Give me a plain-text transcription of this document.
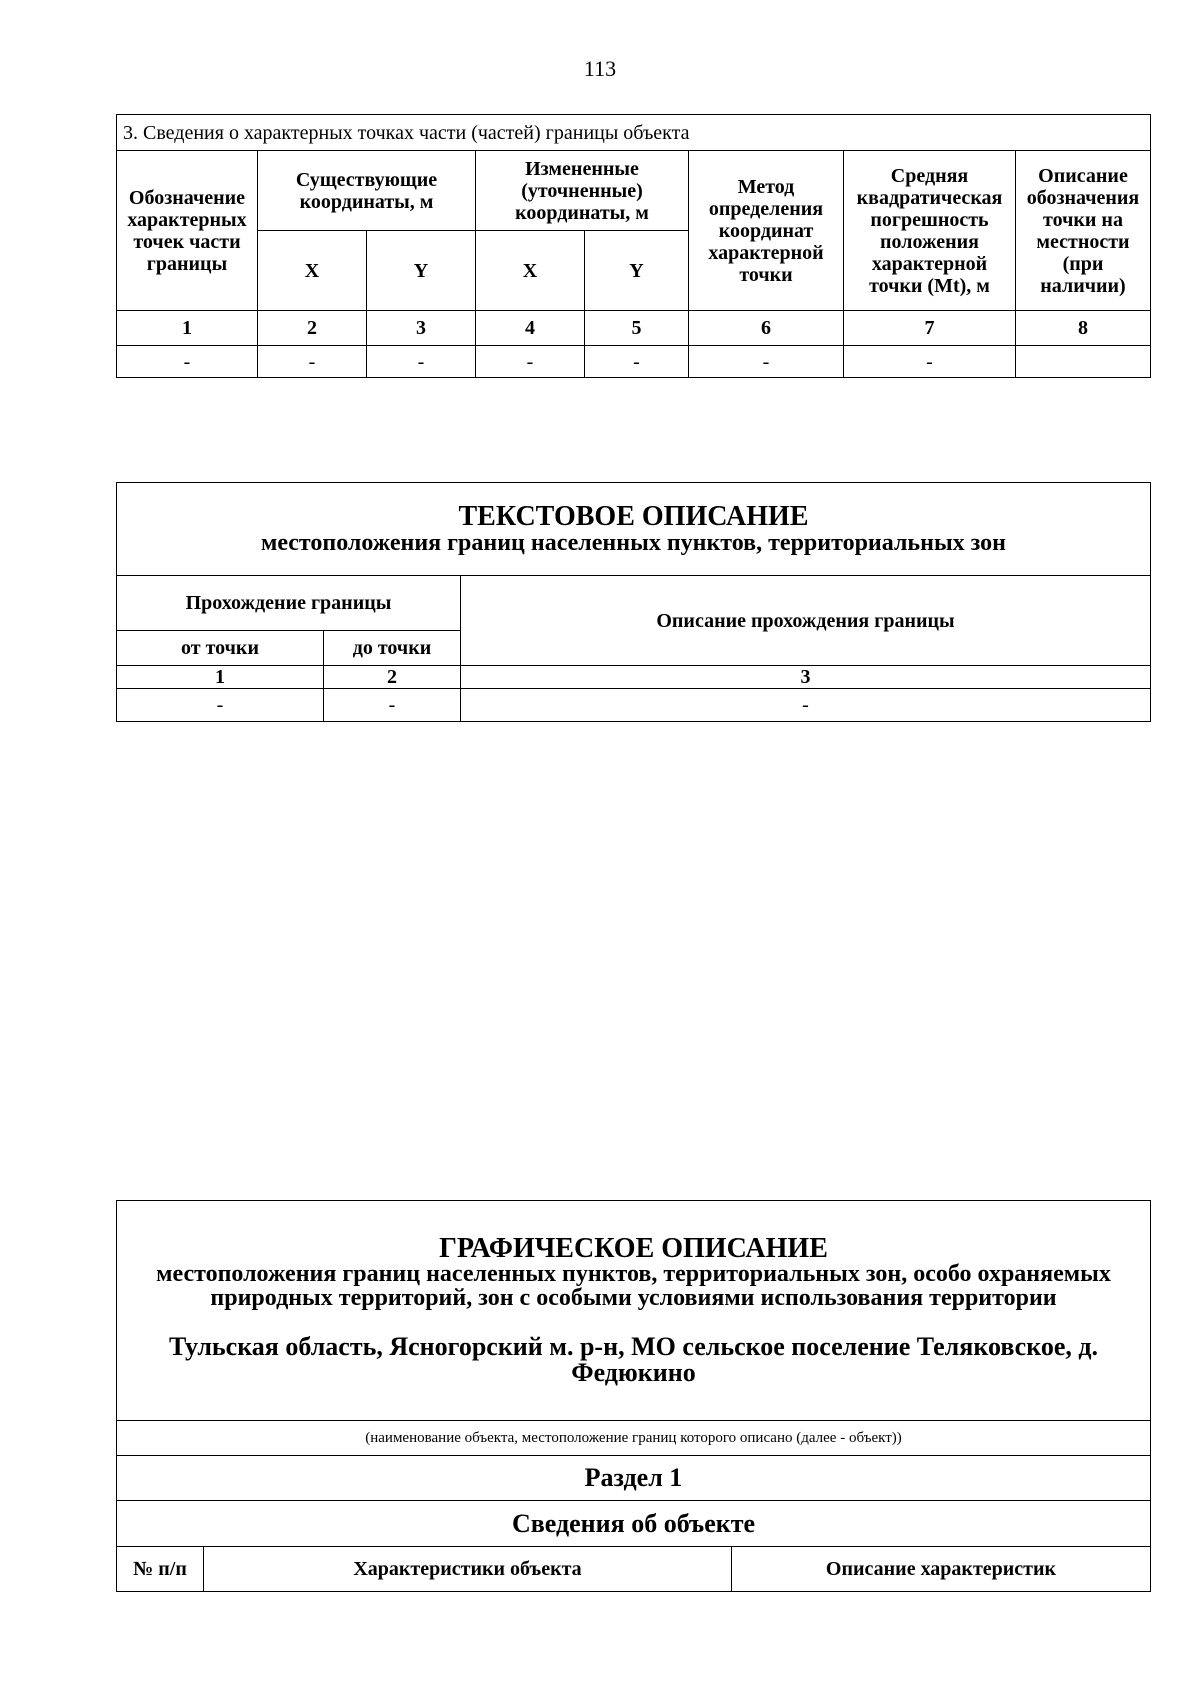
113
3. Сведения о характерных точках части (частей) границы объекта							
Обозначение характерных точек части границы	Существующие координаты, м		Измененные (уточненные) координаты, м		Метод определения координат характерной точки	Средняя квадратическая погрешность положения характерной точки (Mt), м	Описание обозначения точки на местности (при наличии)
	X	Y	X	Y			
1	2	3	4	5	6	7	8
-	-	-	-	-	-	-	
ТЕКСТОВОЕ ОПИСАНИЕ
местоположения границ населенных пунктов, территориальных зон		

Прохождение границы		Описание прохождения границы
от точки	до точки	
1	2	3
-	-	-
ГРАФИЧЕСКОЕ ОПИСАНИЕ
местоположения границ населенных пунктов, территориальных зон, особо охраняемых природных территорий, зон с особыми условиями использования территории
Тульская область, Ясногорский м. р-н, МО сельское поселение Теляковское, д. Федюкино

(наименование объекта, местоположение границ которого описано (далее - объект))
Раздел 1
Сведения об объекте
№ п/п	Характеристики объекта	Описание характеристик
